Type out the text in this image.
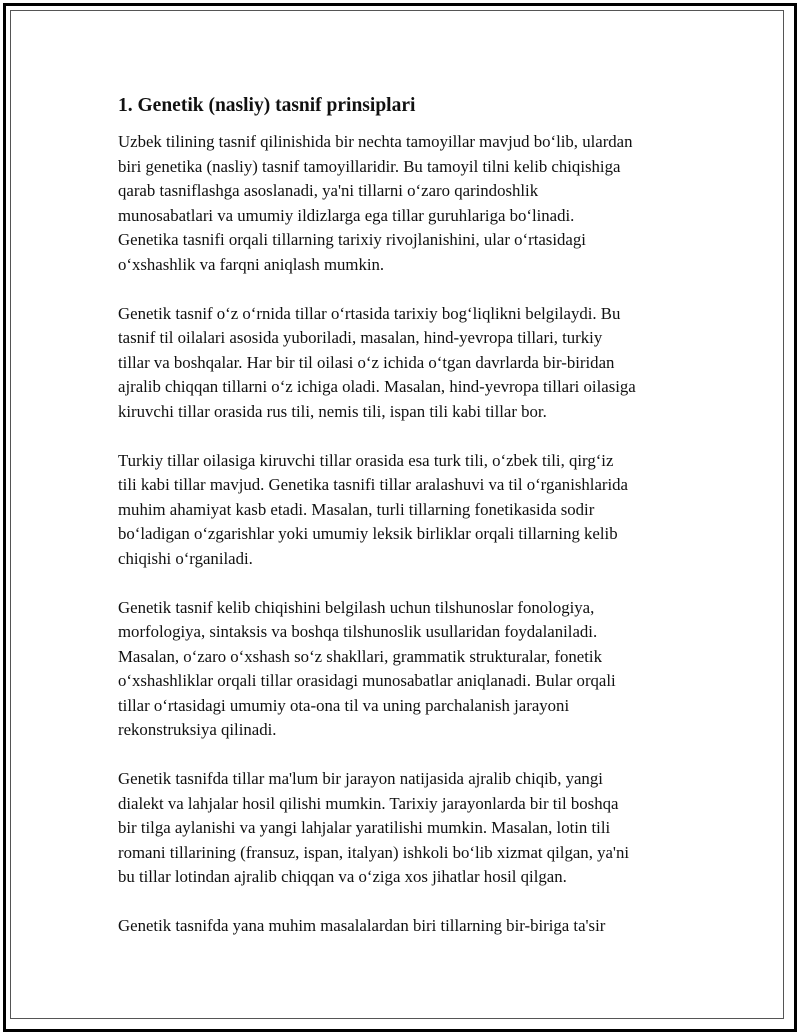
1. Genetik (nasliy) tasnif prinsiplari

Uzbek tilining tasnif qilinishida bir nechta tamoyillar mavjud bo‘lib, ulardan
biri genetika (nasliy) tasnif tamoyillaridir. Bu tamoyil tilni kelib chiqishiga
qarab tasniflashga asoslanadi, ya'ni tillarni o‘zaro qarindoshlik
munosabatlari va umumiy ildizlarga ega tillar guruhlariga bo‘linadi.
Genetika tasnifi orqali tillarning tarixiy rivojlanishini, ular o‘rtasidagi
o‘xshashlik va farqni aniqlash mumkin.

Genetik tasnif o‘z o‘rnida tillar o‘rtasida tarixiy bog‘liqlikni belgilaydi. Bu
tasnif til oilalari asosida yuboriladi, masalan, hind-yevropa tillari, turkiy
tillar va boshqalar. Har bir til oilasi o‘z ichida o‘tgan davrlarda bir-biridan
ajralib chiqqan tillarni o‘z ichiga oladi. Masalan, hind-yevropa tillari oilasiga
kiruvchi tillar orasida rus tili, nemis tili, ispan tili kabi tillar bor.

Turkiy tillar oilasiga kiruvchi tillar orasida esa turk tili, o‘zbek tili, qirg‘iz
tili kabi tillar mavjud. Genetika tasnifi tillar aralashuvi va til o‘rganishlarida
muhim ahamiyat kasb etadi. Masalan, turli tillarning fonetikasida sodir
bo‘ladigan o‘zgarishlar yoki umumiy leksik birliklar orqali tillarning kelib
chiqishi o‘rganiladi.

Genetik tasnif kelib chiqishini belgilash uchun tilshunoslar fonologiya,
morfologiya, sintaksis va boshqa tilshunoslik usullaridan foydalaniladi.
Masalan, o‘zaro o‘xshash so‘z shakllari, grammatik strukturalar, fonetik
o‘xshashliklar orqali tillar orasidagi munosabatlar aniqlanadi. Bular orqali
tillar o‘rtasidagi umumiy ota-ona til va uning parchalanish jarayoni
rekonstruksiya qilinadi.

Genetik tasnifda tillar ma'lum bir jarayon natijasida ajralib chiqib, yangi
dialekt va lahjalar hosil qilishi mumkin. Tarixiy jarayonlarda bir til boshqa
bir tilga aylanishi va yangi lahjalar yaratilishi mumkin. Masalan, lotin tili
romani tillarining (fransuz, ispan, italyan) ishkoli bo‘lib xizmat qilgan, ya'ni
bu tillar lotindan ajralib chiqqan va o‘ziga xos jihatlar hosil qilgan.

Genetik tasnifda yana muhim masalalardan biri tillarning bir-biriga ta'sir
